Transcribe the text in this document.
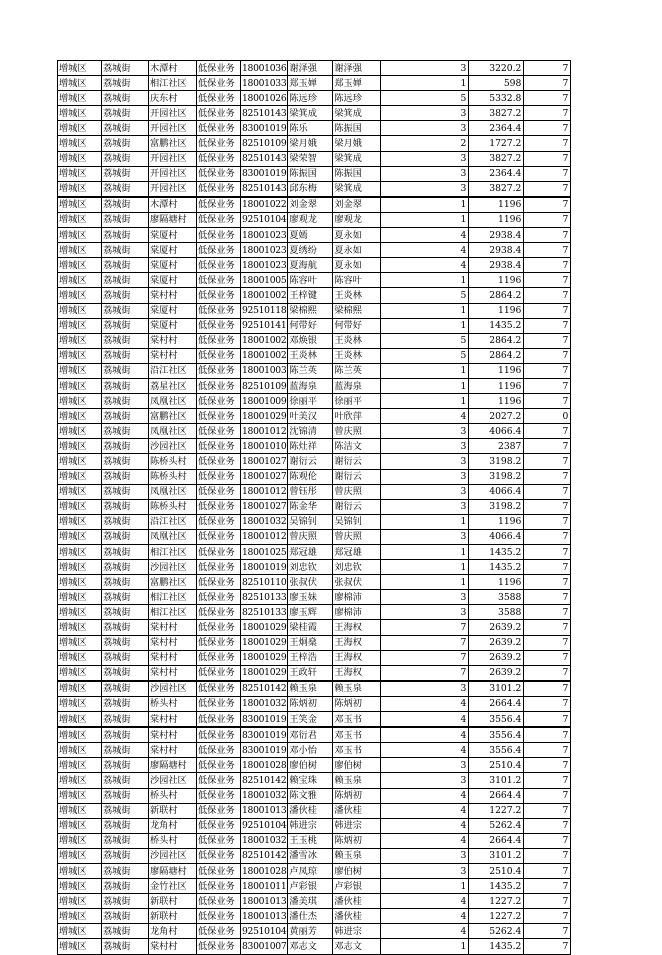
增城区	荔城街	木潭村	低保业务	18001036	谢泽强	谢泽强	3	3220.2	7
增城区	荔城街	相江社区	低保业务	18001033	郑玉婵	郑玉婵	1	598	7
增城区	荔城街	庆东村	低保业务	18001026	陈远珍	陈远珍	5	5332.8	7
增城区	荔城街	开园社区	低保业务	82510143	梁箕成	梁箕成	3	3827.2	7
增城区	荔城街	开园社区	低保业务	83001019	陈乐	陈振国	3	2364.4	7
增城区	荔城街	富鹏社区	低保业务	82510109	梁月娥	梁月娥	2	1727.2	7
增城区	荔城街	开园社区	低保业务	82510143	梁荣智	梁箕成	3	3827.2	7
增城区	荔城街	开园社区	低保业务	83001019	陈振国	陈振国	3	2364.4	7
增城区	荔城街	开园社区	低保业务	82510143	邱东梅	梁箕成	3	3827.2	7
增城区	荔城街	木潭村	低保业务	18001022	刘金翠	刘金翠	1	1196	7
增城区	荔城街	廖隔塘村	低保业务	92510104	廖观龙	廖观龙	1	1196	7
增城区	荔城街	棠厦村	低保业务	18001023	夏嫣	夏永如	4	2938.4	7
增城区	荔城街	棠厦村	低保业务	18001023	夏绣纷	夏永如	4	2938.4	7
增城区	荔城街	棠厦村	低保业务	18001023	夏海航	夏永如	4	2938.4	7
增城区	荔城街	棠厦村	低保业务	18001005	陈容叶	陈容叶	1	1196	7
增城区	荔城街	棠村村	低保业务	18001002	王梓键	王炎林	5	2864.2	7
增城区	荔城街	棠厦村	低保业务	92510118	梁棉熙	梁棉熙	1	1196	7
增城区	荔城街	棠厦村	低保业务	92510141	何带好	何带好	1	1435.2	7
增城区	荔城街	棠村村	低保业务	18001002	邓焕银	王炎林	5	2864.2	7
增城区	荔城街	棠村村	低保业务	18001002	王炎林	王炎林	5	2864.2	7
增城区	荔城街	沿江社区	低保业务	18001003	陈兰英	陈兰英	1	1196	7
增城区	荔城街	荔星社区	低保业务	82510109	蓝海泉	蓝海泉	1	1196	7
增城区	荔城街	凤凰社区	低保业务	18001009	徐丽平	徐丽平	1	1196	7
增城区	荔城街	富鹏社区	低保业务	18001029	叶美汉	叶欣萍	4	2027.2	0
增城区	荔城街	凤凰社区	低保业务	18001012	沈锦清	曾庆照	3	4066.4	7
增城区	荔城街	沙园社区	低保业务	18001010	陈灶祥	陈洁文	3	2387	7
增城区	荔城街	陈桥头村	低保业务	18001027	谢衍云	谢衍云	3	3198.2	7
增城区	荔城街	陈桥头村	低保业务	18001027	陈观伦	谢衍云	3	3198.2	7
增城区	荔城街	凤凰社区	低保业务	18001012	曾钰彤	曾庆照	3	4066.4	7
增城区	荔城街	陈桥头村	低保业务	18001027	陈金华	谢衍云	3	3198.2	7
增城区	荔城街	沿江社区	低保业务	18001032	吴锦钊	吴锦钊	1	1196	7
增城区	荔城街	凤凰社区	低保业务	18001012	曾庆照	曾庆照	3	4066.4	7
增城区	荔城街	相江社区	低保业务	18001025	郑冠雄	郑冠雄	1	1435.2	7
增城区	荔城街	沙园社区	低保业务	18001019	刘忠钦	刘忠钦	1	1435.2	7
增城区	荔城街	富鹏社区	低保业务	82510110	张叔伏	张叔伏	1	1196	7
增城区	荔城街	相江社区	低保业务	82510133	廖玉妹	廖棉沛	3	3588	7
增城区	荔城街	相江社区	低保业务	82510133	廖玉辉	廖棉沛	3	3588	7
增城区	荔城街	棠村村	低保业务	18001029	梁桂霞	王海权	7	2639.2	7
增城区	荔城街	棠村村	低保业务	18001029	王炯燊	王海权	7	2639.2	7
增城区	荔城街	棠村村	低保业务	18001029	王梓浩	王海权	7	2639.2	7
增城区	荔城街	棠村村	低保业务	18001029	王政轩	王海权	7	2639.2	7
增城区	荔城街	沙园社区	低保业务	82510142	赖玉泉	赖玉泉	3	3101.2	7
增城区	荔城街	桥头村	低保业务	18001032	陈炳初	陈炳初	4	2664.4	7
增城区	荔城街	棠村村	低保业务	83001019	王笑金	邓玉书	4	3556.4	7
增城区	荔城街	棠村村	低保业务	83001019	邓衍君	邓玉书	4	3556.4	7
增城区	荔城街	棠村村	低保业务	83001019	邓小怡	邓玉书	4	3556.4	7
增城区	荔城街	廖隔塘村	低保业务	18001028	廖伯树	廖伯树	3	2510.4	7
增城区	荔城街	沙园社区	低保业务	82510142	赖宝珠	赖玉泉	3	3101.2	7
增城区	荔城街	桥头村	低保业务	18001032	陈文雅	陈炳初	4	2664.4	7
增城区	荔城街	新联村	低保业务	18001013	潘伙桂	潘伙桂	4	1227.2	7
增城区	荔城街	龙角村	低保业务	92510104	韩进宗	韩进宗	4	5262.4	7
增城区	荔城街	桥头村	低保业务	18001032	王玉桃	陈炳初	4	2664.4	7
增城区	荔城街	沙园社区	低保业务	82510142	潘雪冰	赖玉泉	3	3101.2	7
增城区	荔城街	廖隔塘村	低保业务	18001028	卢凤琼	廖伯树	3	2510.4	7
增城区	荔城街	金竹社区	低保业务	18001011	卢彩银	卢彩银	1	1435.2	7
增城区	荔城街	新联村	低保业务	18001013	潘美琪	潘伙桂	4	1227.2	7
增城区	荔城街	新联村	低保业务	18001013	潘仕杰	潘伙桂	4	1227.2	7
增城区	荔城街	龙角村	低保业务	92510104	黄丽芳	韩进宗	4	5262.4	7
增城区	荔城街	棠村村	低保业务	83001007	邓志文	邓志文	1	1435.2	7
